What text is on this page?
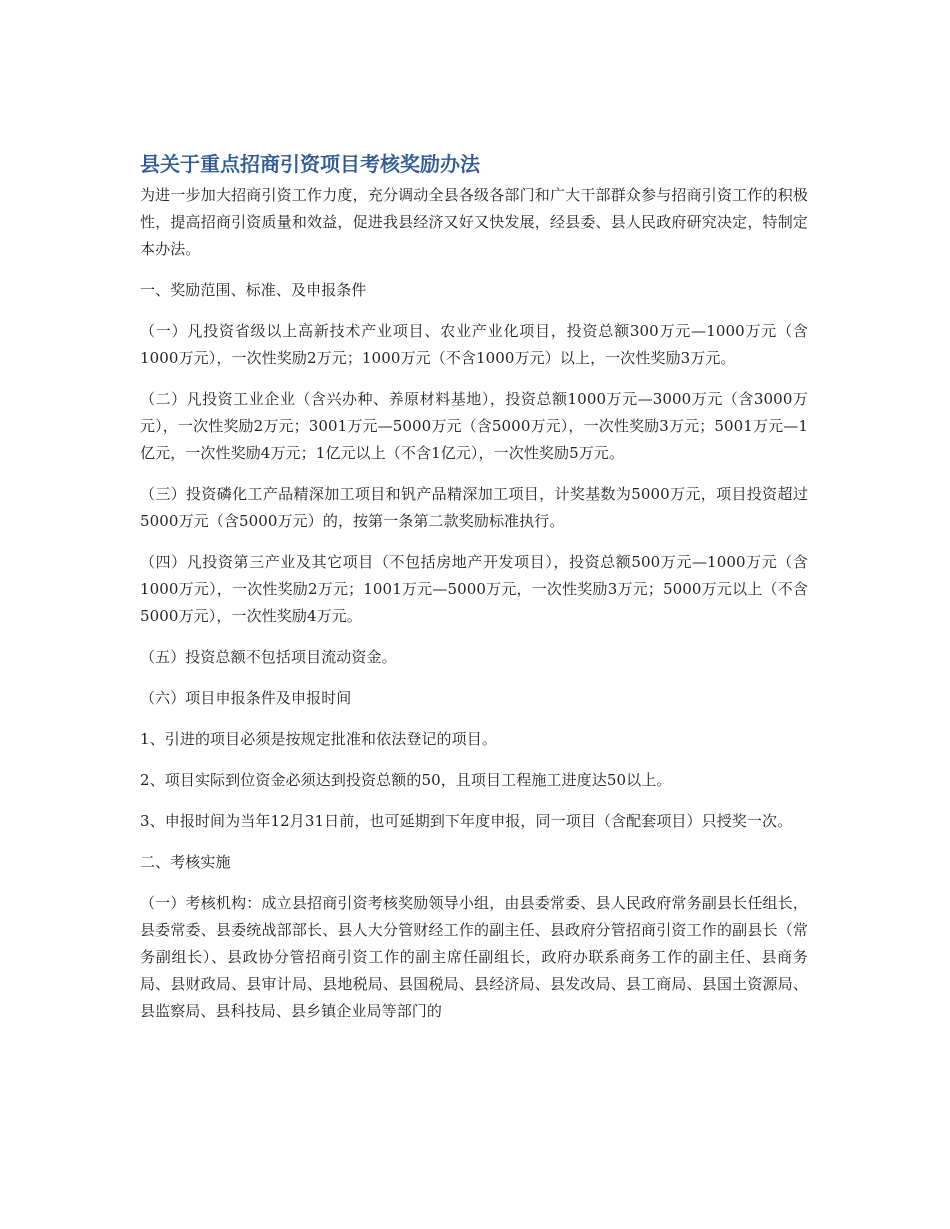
县关于重点招商引资项目考核奖励办法

为进一步加大招商引资工作力度，充分调动全县各级各部门和广大干部群众参与招商引资工作的积极性，提高招商引资质量和效益，促进我县经济又好又快发展，经县委、县人民政府研究决定，特制定本办法。

一、奖励范围、标准、及申报条件

（一）凡投资省级以上高新技术产业项目、农业产业化项目，投资总额300万元—1000万元（含1000万元），一次性奖励2万元；1000万元（不含1000万元）以上，一次性奖励3万元。

（二）凡投资工业企业（含兴办种、养原材料基地），投资总额1000万元—3000万元（含3000万元），一次性奖励2万元；3001万元—5000万元（含5000万元），一次性奖励3万元；5001万元—1亿元，一次性奖励4万元；1亿元以上（不含1亿元），一次性奖励5万元。

（三）投资磷化工产品精深加工项目和钒产品精深加工项目，计奖基数为5000万元，项目投资超过5000万元（含5000万元）的，按第一条第二款奖励标准执行。

（四）凡投资第三产业及其它项目（不包括房地产开发项目），投资总额500万元—1000万元（含1000万元），一次性奖励2万元；1001万元—5000万元，一次性奖励3万元；5000万元以上（不含5000万元），一次性奖励4万元。

（五）投资总额不包括项目流动资金。

（六）项目申报条件及申报时间

1、引进的项目必须是按规定批准和依法登记的项目。

2、项目实际到位资金必须达到投资总额的50，且项目工程施工进度达50以上。

3、申报时间为当年12月31日前，也可延期到下年度申报，同一项目（含配套项目）只授奖一次。

二、考核实施

（一）考核机构：成立县招商引资考核奖励领导小组，由县委常委、县人民政府常务副县长任组长，县委常委、县委统战部部长、县人大分管财经工作的副主任、县政府分管招商引资工作的副县长（常务副组长）、县政协分管招商引资工作的副主席任副组长，政府办联系商务工作的副主任、县商务局、县财政局、县审计局、县地税局、县国税局、县经济局、县发改局、县工商局、县国土资源局、县监察局、县科技局、县乡镇企业局等部门的
